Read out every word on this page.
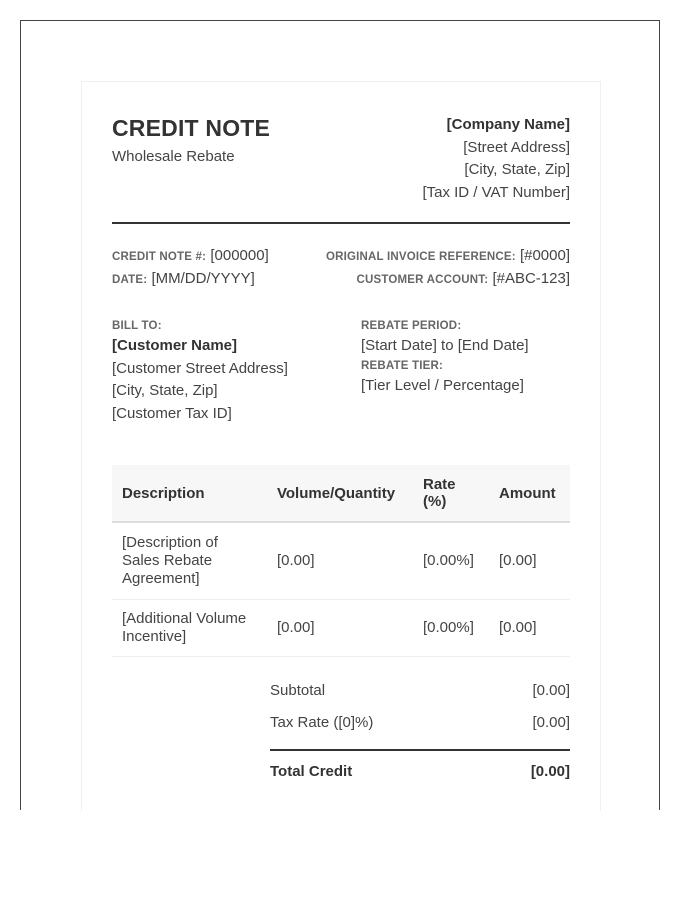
CREDIT NOTE
Wholesale Rebate
[Company Name]
[Street Address]
[City, State, Zip]
[Tax ID / VAT Number]
CREDIT NOTE #: [000000]
DATE: [MM/DD/YYYY]
ORIGINAL INVOICE REFERENCE: [#0000]
CUSTOMER ACCOUNT: [#ABC-123]
BILL TO:
[Customer Name]
[Customer Street Address]
[City, State, Zip]
[Customer Tax ID]
REBATE PERIOD:
[Start Date] to [End Date]
REBATE TIER:
[Tier Level / Percentage]
Description	Volume/Quantity	Rate (%)	Amount
[Description of Sales Rebate Agreement]	[0.00]	[0.00%]	[0.00]
[Additional Volume Incentive]	[0.00]	[0.00%]	[0.00]
Subtotal	[0.00]
Tax Rate ([0]%)	[0.00]
Total Credit	[0.00]
